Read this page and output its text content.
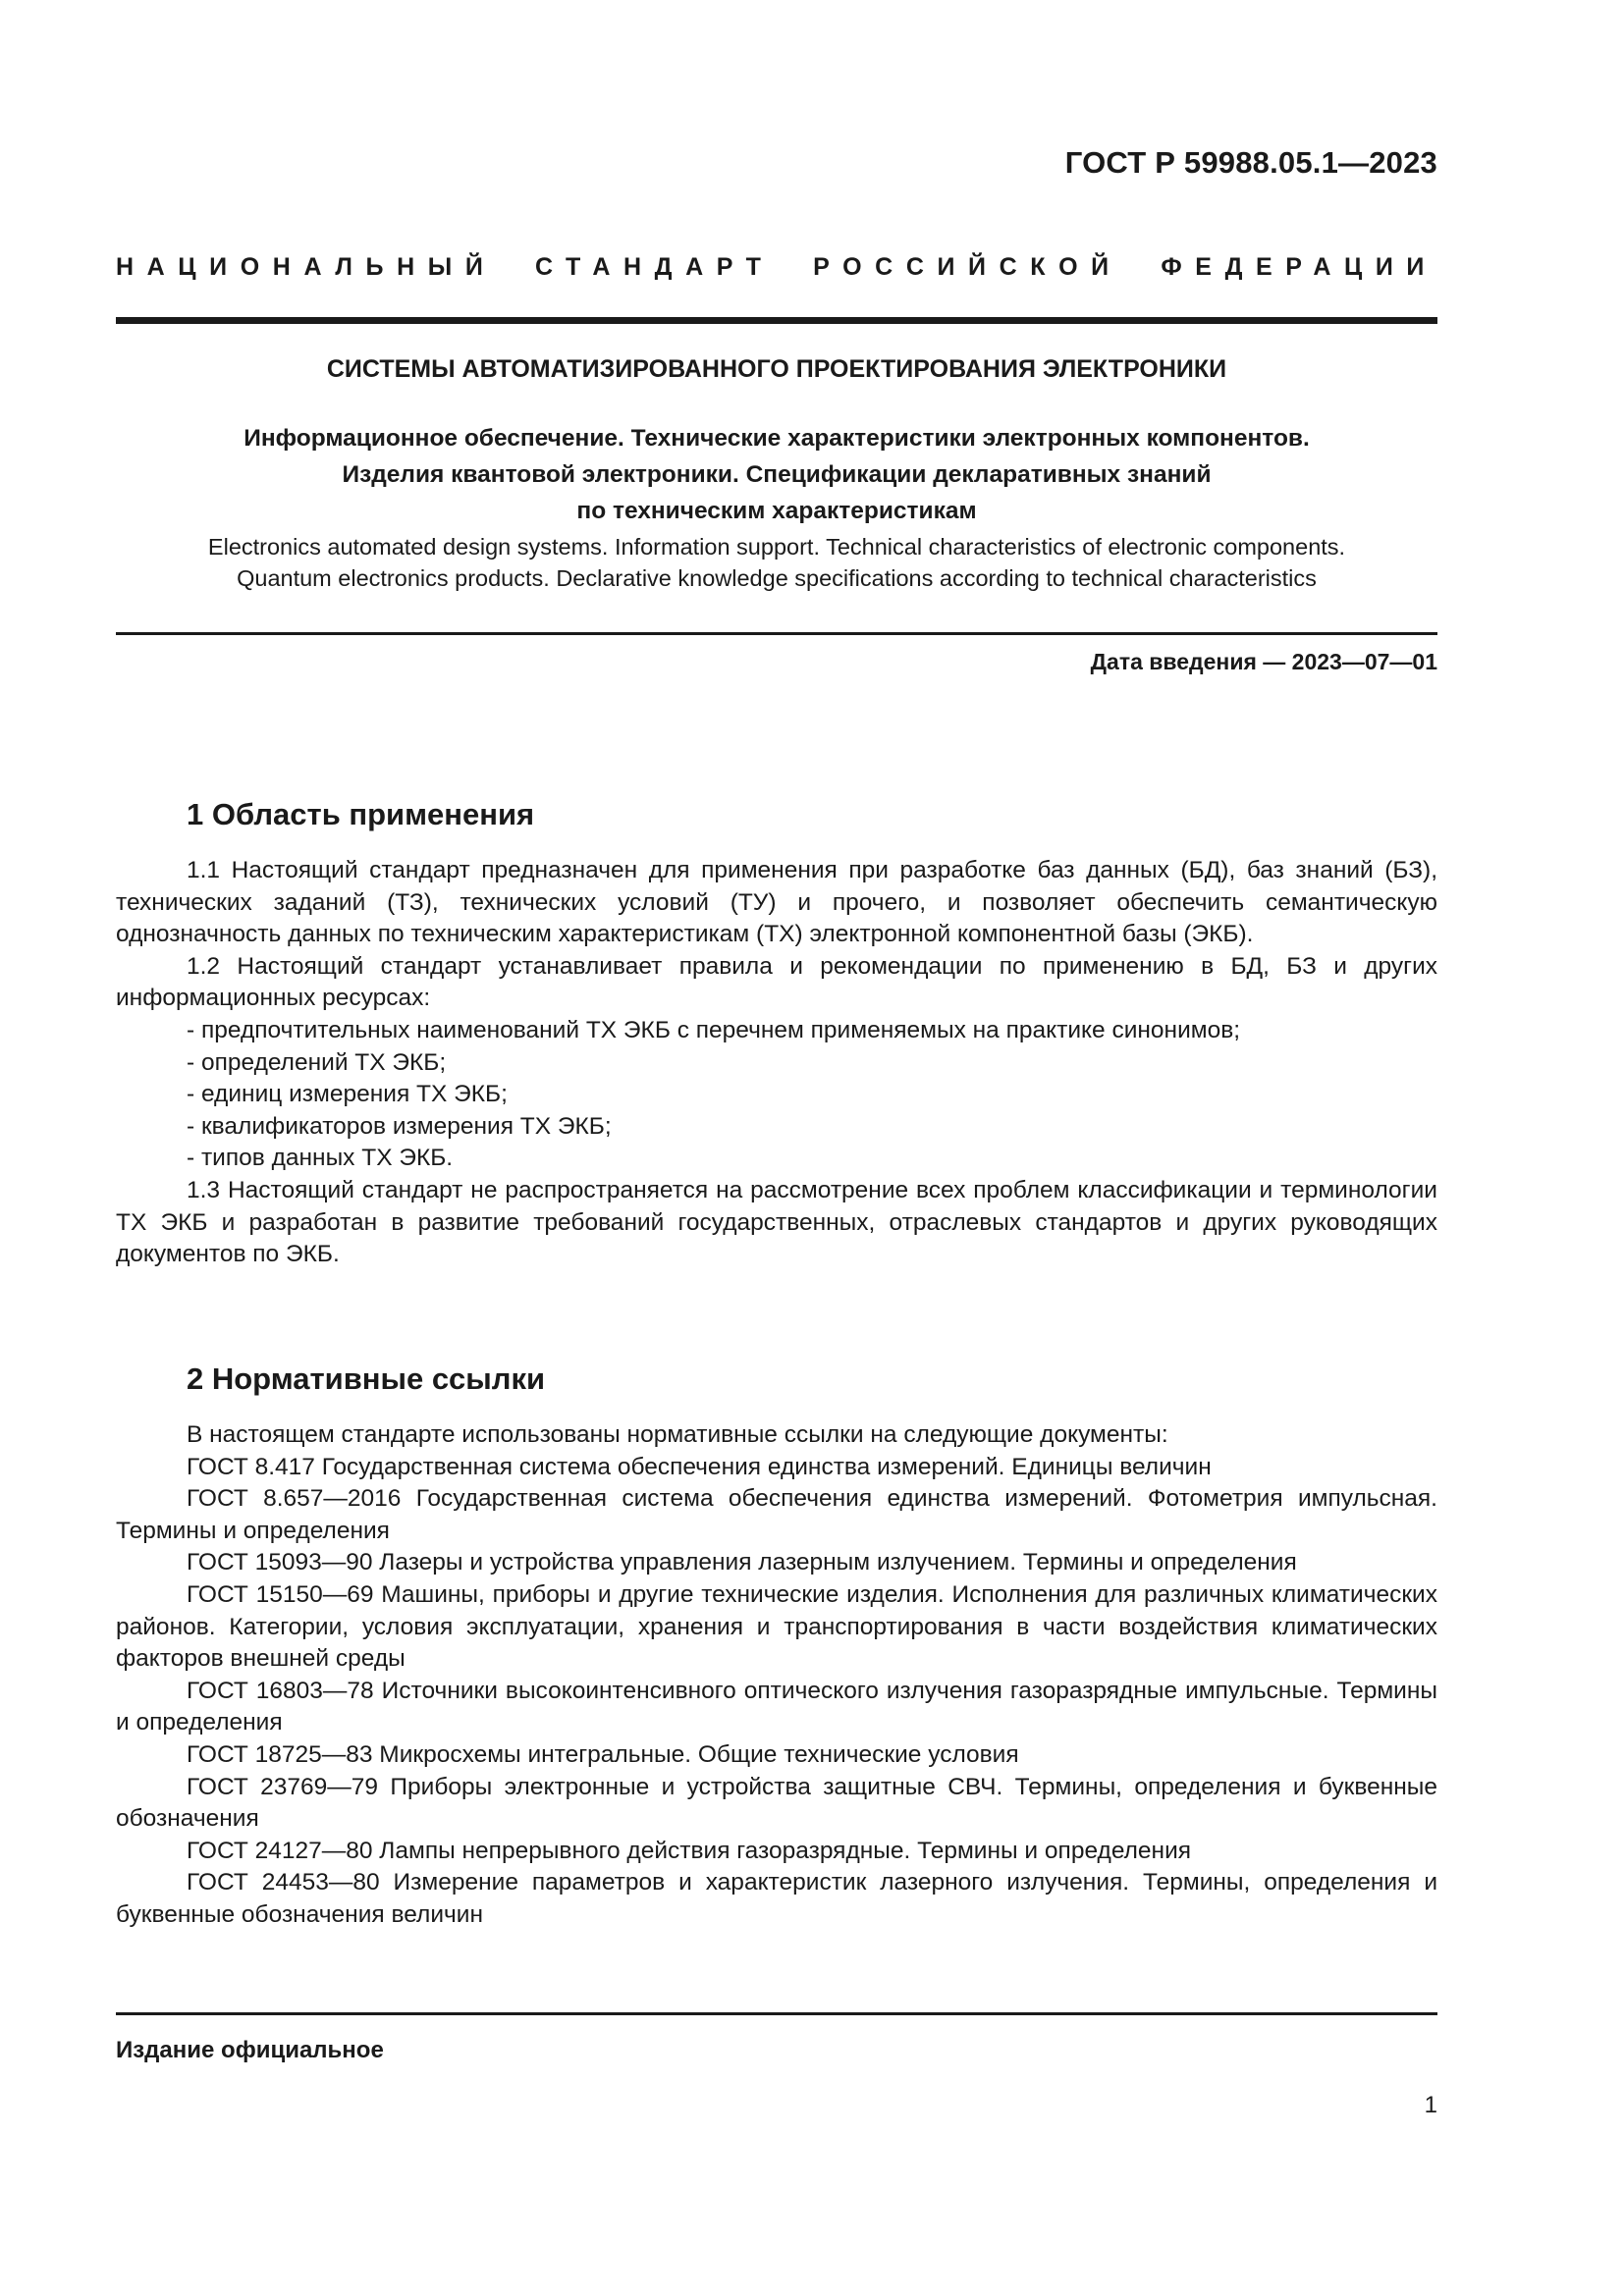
ГОСТ Р 59988.05.1—2023
НАЦИОНАЛЬНЫЙ СТАНДАРТ РОССИЙСКОЙ ФЕДЕРАЦИИ
СИСТЕМЫ АВТОМАТИЗИРОВАННОГО ПРОЕКТИРОВАНИЯ ЭЛЕКТРОНИКИ
Информационное обеспечение. Технические характеристики электронных компонентов.
Изделия квантовой электроники. Спецификации декларативных знаний
по техническим характеристикам
Electronics automated design systems. Information support. Technical characteristics of electronic components.
Quantum electronics products. Declarative knowledge specifications according to technical characteristics
Дата введения — 2023—07—01
1 Область применения

1.1 Настоящий стандарт предназначен для применения при разработке баз данных (БД), баз знаний (БЗ), технических заданий (ТЗ), технических условий (ТУ) и прочего, и позволяет обеспечить семантическую однозначность данных по техническим характеристикам (ТХ) электронной компонентной базы (ЭКБ).

1.2 Настоящий стандарт устанавливает правила и рекомендации по применению в БД, БЗ и других информационных ресурсах:

- предпочтительных наименований ТХ ЭКБ с перечнем применяемых на практике синонимов;
- определений ТХ ЭКБ;
- единиц измерения ТХ ЭКБ;
- квалификаторов измерения ТХ ЭКБ;
- типов данных ТХ ЭКБ.

1.3 Настоящий стандарт не распространяется на рассмотрение всех проблем классификации и терминологии ТХ ЭКБ и разработан в развитие требований государственных, отраслевых стандартов и других руководящих документов по ЭКБ.

2 Нормативные ссылки

В настоящем стандарте использованы нормативные ссылки на следующие документы:

ГОСТ 8.417 Государственная система обеспечения единства измерений. Единицы величин

ГОСТ 8.657—2016 Государственная система обеспечения единства измерений. Фотометрия импульсная. Термины и определения

ГОСТ 15093—90 Лазеры и устройства управления лазерным излучением. Термины и определения

ГОСТ 15150—69 Машины, приборы и другие технические изделия. Исполнения для различных климатических районов. Категории, условия эксплуатации, хранения и транспортирования в части воздействия климатических факторов внешней среды

ГОСТ 16803—78 Источники высокоинтенсивного оптического излучения газоразрядные импульсные. Термины и определения

ГОСТ 18725—83 Микросхемы интегральные. Общие технические условия

ГОСТ 23769—79 Приборы электронные и устройства защитные СВЧ. Термины, определения и буквенные обозначения

ГОСТ 24127—80 Лампы непрерывного действия газоразрядные. Термины и определения

ГОСТ 24453—80 Измерение параметров и характеристик лазерного излучения. Термины, определения и буквенные обозначения величин

Издание официальное
1
